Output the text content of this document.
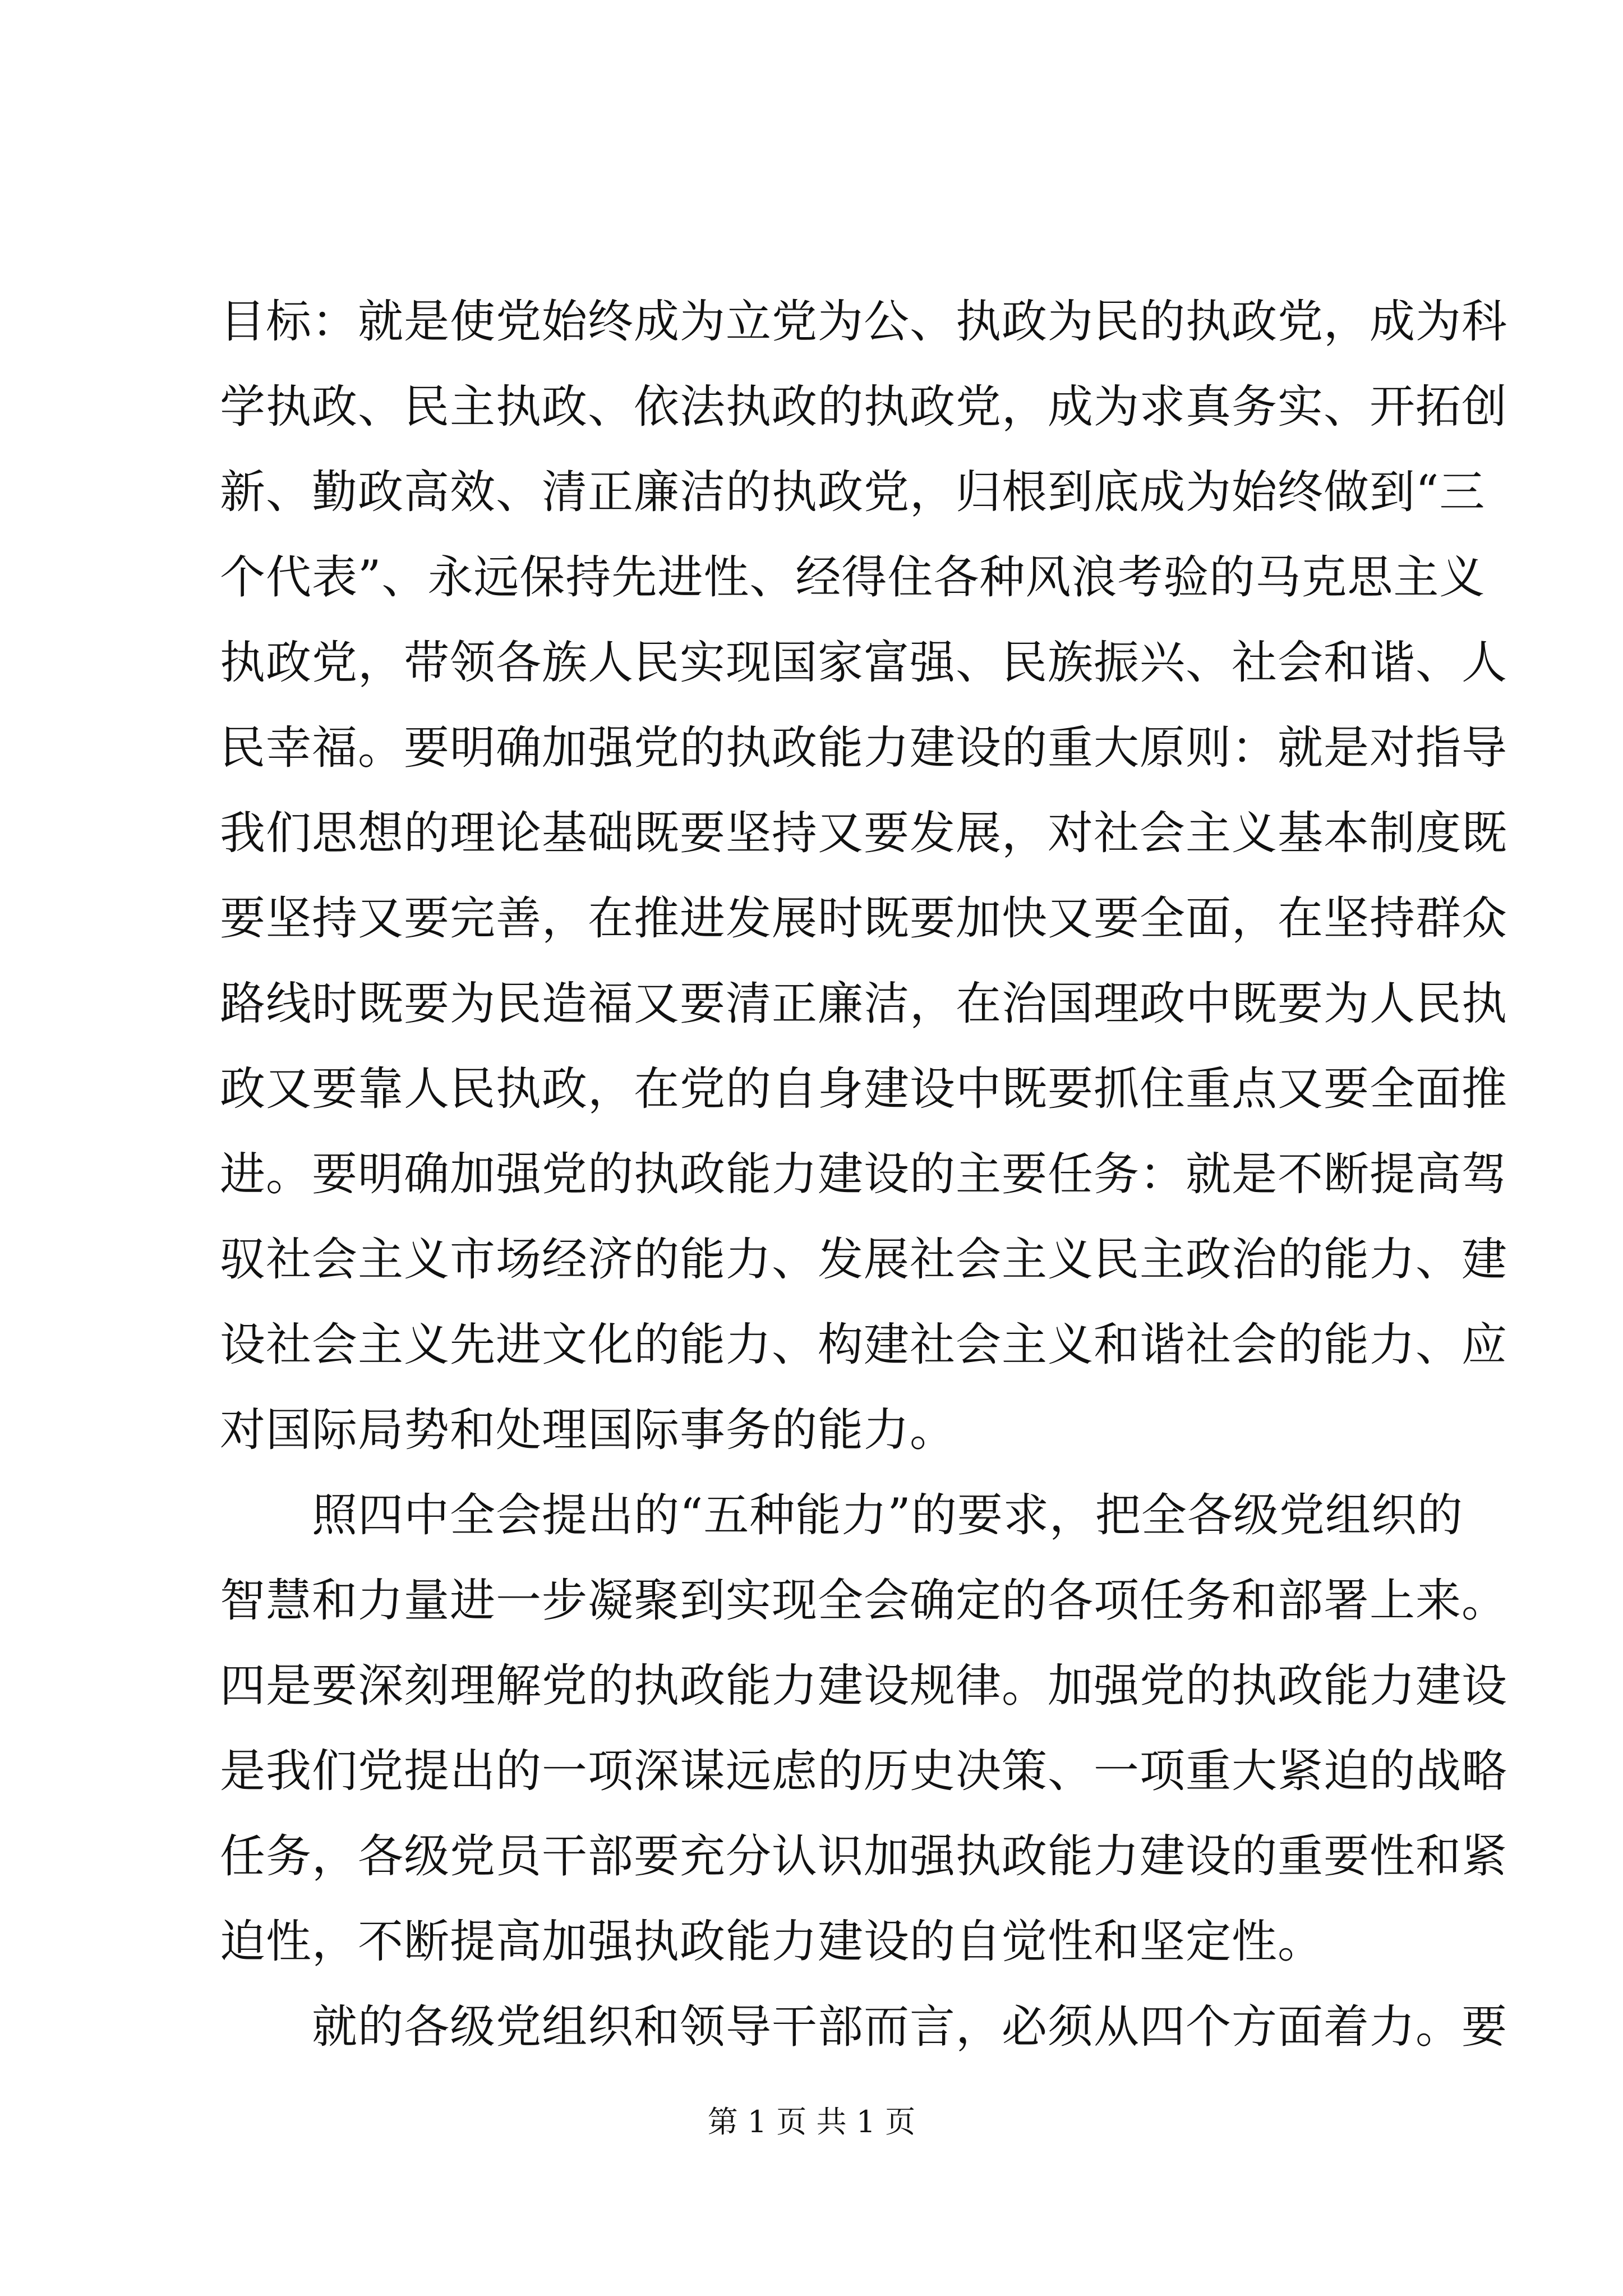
目标：就是使党始终成为立党为公、执政为民的执政党，成为科
学执政、民主执政、依法执政的执政党，成为求真务实、开拓创
新、勤政高效、清正廉洁的执政党，归根到底成为始终做到“三
个代表”、永远保持先进性、经得住各种风浪考验的马克思主义
执政党，带领各族人民实现国家富强、民族振兴、社会和谐、人
民幸福。要明确加强党的执政能力建设的重大原则：就是对指导
我们思想的理论基础既要坚持又要发展，对社会主义基本制度既
要坚持又要完善，在推进发展时既要加快又要全面，在坚持群众
路线时既要为民造福又要清正廉洁，在治国理政中既要为人民执
政又要靠人民执政，在党的自身建设中既要抓住重点又要全面推
进。要明确加强党的执政能力建设的主要任务：就是不断提高驾
驭社会主义市场经济的能力、发展社会主义民主政治的能力、建
设社会主义先进文化的能力、构建社会主义和谐社会的能力、应
对国际局势和处理国际事务的能力。
　　照四中全会提出的“五种能力”的要求，把全各级党组织的
智慧和力量进一步凝聚到实现全会确定的各项任务和部署上来。
四是要深刻理解党的执政能力建设规律。加强党的执政能力建设
是我们党提出的一项深谋远虑的历史决策、一项重大紧迫的战略
任务，各级党员干部要充分认识加强执政能力建设的重要性和紧
迫性，不断提高加强执政能力建设的自觉性和坚定性。
　　就的各级党组织和领导干部而言，必须从四个方面着力。要
第 1 页 共 1 页
